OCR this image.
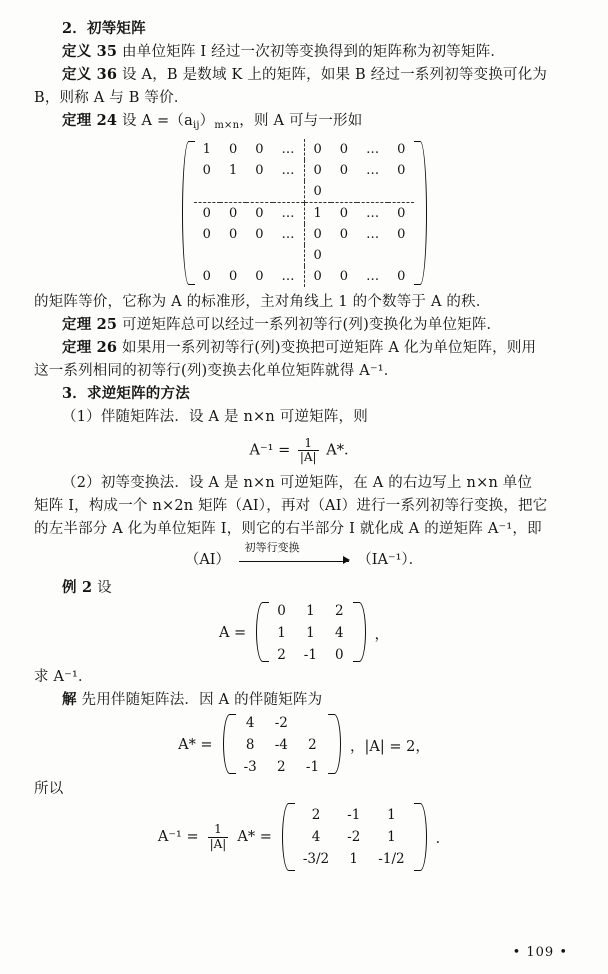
2．初等矩阵
定义 35 由单位矩阵 I 经过一次初等变换得到的矩阵称为初等矩阵．
定义 36 设 A，B 是数域 K 上的矩阵，如果 B 经过一系列初等变换可化为
B，则称 A 与 B 等价．
定理 24 设 $A =(a_{ij})_{m\times n}$，则 A 可与一形如
1	0	0	…	0	0	…	0
0	1	0	…	0	0	…	0
				0			
0	0	0	…	1	0	…	0
0	0	0	…	0	0	…	0
				0			
0	0	0	…	0	0	…	0
的矩阵等价，它称为 A 的标准形，主对角线上 1 的个数等于 A 的秩．
定理 25 可逆矩阵总可以经过一系列初等行(列)变换化为单位矩阵．
定理 26 如果用一系列初等行(列)变换把可逆矩阵 A 化为单位矩阵，则用
这一系列相同的初等行(列)变换去化单位矩阵就得 A⁻¹．
3．求逆矩阵的方法
（1）伴随矩阵法．设 A 是 n×n 可逆矩阵，则
$A^{-1} = \frac{1}{|A|} A*$．
（2）初等变换法．设 A 是 n×n 可逆矩阵，在 A 的右边写上 n×n 单位
矩阵 I，构成一个 n×2n 矩阵（AI），再对（AI）进行一系列初等行变换，把它
的左半部分 A 化为单位矩阵 I，则它的右半部分 I 就化成 A 的逆矩阵 A⁻¹，即
（AI）
初等行变换
（IA⁻¹）．
例 2 设
A =
0	1	2
1	1	4
2	-1	0
，
求 A⁻¹．
解 先用伴随矩阵法．因 A 的伴随矩阵为
A* =
4	-2	
8	-4	2
-3	2	-1
，|A| = 2，
所以
$A^{-1} = \frac{1}{|A|} A*$ =
2	-1	1
4	-2	1
-3/2	1	-1/2
．
• 109 •
